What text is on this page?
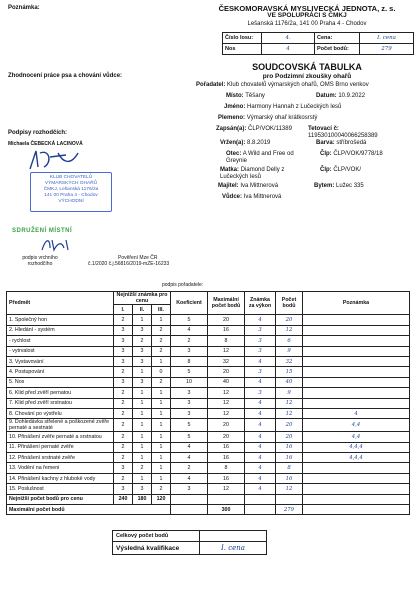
Poznámka:
Zhodnocení práce psa a chování vůdce:
Podpisy rozhodčích:
Michaela ČEBECKÁ LACINOVÁ
KLUB CHOVATELŮ
VÝMARSKÝCH OHAŘŮ
ČMKJ, Lešanská 1176/2a
141 00 Praha 4 - Chodov
VÝCHODNÍ
SDRUŽENÍ MÍSTNÍ
podpis vrchního
rozhodčího
Pověření Mze ČR
č.1/2020 č.j.56816/2019-mZE-16233
podpis pořadatele:
ČESKOMORAVSKÁ MYSLIVECKÁ JEDNOTA, z. s.
VE SPOLUPRÁCI S ČMKJ
Lešanská 1176/2a, 141 00 Praha 4 - Chodov
Číslo losu:	4.	Cena:	I. cena
Nos	4	Počet bodů:	279
SOUDCOVSKÁ TABULKA
pro Podzimní zkoušky ohařů
Pořadatel: Klub chovatelů výmarských ohařů, OMS Brno venkov
Místo: Těšany	Datum: 10.9.2022
Jméno: Harmony Hannah z Lučeckých lesů
Plemeno: Výmarský ohař krátkosrstý
Zapsán(a): ČLP/VOK/11389	Tetovací č:
119530100040066258389
Vržen(a): 8.8.2019	Barva: stříbrošedá
Otec: A Wild and Free od Greynie
Člp: ČLP/VOK/9778/18
Matka: Diamond Delly z Lučeckých lesů
Člp: ČLP/VOK/
Majitel: Iva Mittnerová	Bytem: Lužec 335
Vůdce: Iva Mittnerová
Předmět	Nejnižší známka pro cenu			Koeficient	Maximální počet bodů	Známka za výkon	Počet bodů	Poznámka
	I.	II.	III.					
1. Společný hon	2	1	1	5	20	4	20	
2. Hledání - systém	3	3	2	4	16	3	12	
- rychlost	3	2	2	2	8	3	6	
- vytrvalost	3	3	2	3	12	3	9	
3. Vystavování	3	3	1	8	32	4	32	
4. Postupování	2	1	0	5	20	3	15	
5. Nos	3	3	2	10	40	4	40	
6. Klid před zvěří pernatou	2	1	1	3	12	3	9	
7. Klid před zvěří srstnatou	2	1	1	3	12	4	12	
8. Chování po výstřelu	2	1	1	3	12	4	12	4
9. Dohledávka střelené a poškozené zvěře pernaté a sestnaté	2	1	1	5	20	4	20	4,4
10. Přinášení zvěře pernaté a srstnatou	2	1	1	5	20	4	20	4,4
11. Přinášení pernaté zvěře	2	1	1	4	16	4	16	4,4,4
12. Přinášení srstnaté zvěře	2	1	1	4	16	4	16	4,4,4
13. Vodění na řemeni	3	2	1	2	8	4	8	
14. Přinášení kachny z hlubokě vody	2	1	1	4	16	4	16	
15. Poslušnost	3	3	2	3	12	4	12	
Nejnižší počet bodů pro cenu	240	180	120					
Maximální počet bodů					300		279	
Celkový počet bodů	
Výsledná kvalifikace	I. cena
